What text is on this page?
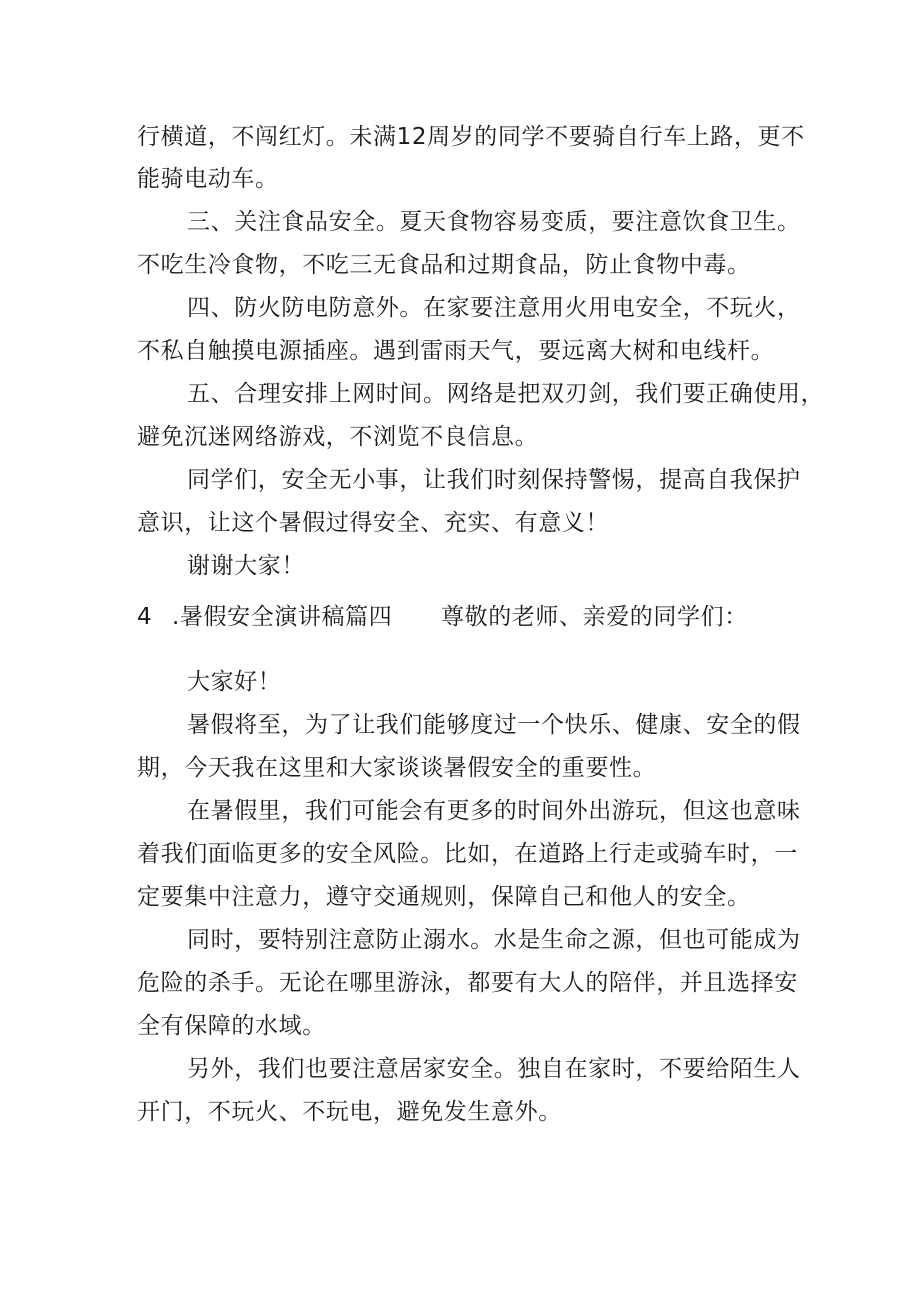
行横道，不闯红灯。未满12周岁的同学不要骑自行车上路，更不
能骑电动车。
三、关注食品安全。夏天食物容易变质，要注意饮食卫生。
不吃生冷食物，不吃三无食品和过期食品，防止食物中毒。
四、防火防电防意外。在家要注意用火用电安全，不玩火，
不私自触摸电源插座。遇到雷雨天气，要远离大树和电线杆。
五、合理安排上网时间。网络是把双刃剑，我们要正确使用，
避免沉迷网络游戏，不浏览不良信息。
同学们，安全无小事，让我们时刻保持警惕，提高自我保护
意识，让这个暑假过得安全、充实、有意义！
谢谢大家！
4 .暑假安全演讲稿篇四 尊敬的老师、亲爱的同学们：
大家好！
暑假将至，为了让我们能够度过一个快乐、健康、安全的假
期，今天我在这里和大家谈谈暑假安全的重要性。
在暑假里，我们可能会有更多的时间外出游玩，但这也意味
着我们面临更多的安全风险。比如，在道路上行走或骑车时，一
定要集中注意力，遵守交通规则，保障自己和他人的安全。
同时，要特别注意防止溺水。水是生命之源，但也可能成为
危险的杀手。无论在哪里游泳，都要有大人的陪伴，并且选择安
全有保障的水域。
另外，我们也要注意居家安全。独自在家时，不要给陌生人
开门，不玩火、不玩电，避免发生意外。
